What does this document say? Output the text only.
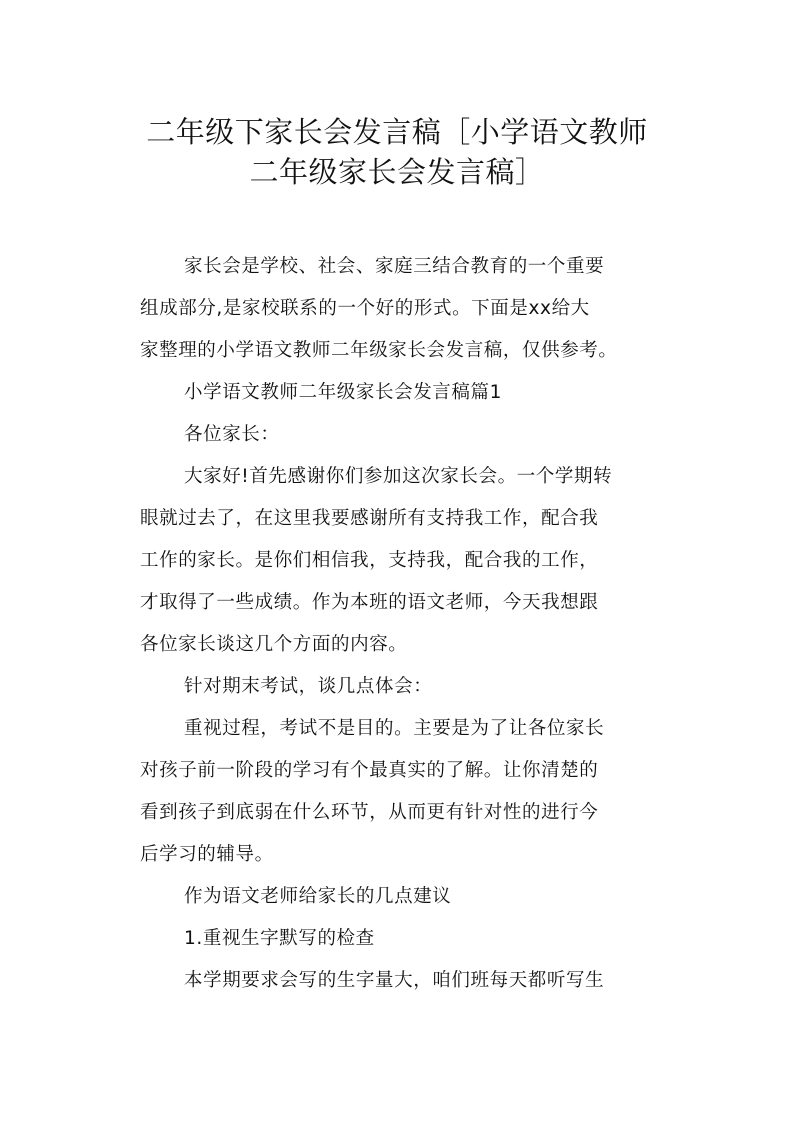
二年级下家长会发言稿［小学语文教师
二年级家长会发言稿］
家长会是学校、社会、家庭三结合教育的一个重要
组成部分,是家校联系的一个好的形式。下面是xx给大
家整理的小学语文教师二年级家长会发言稿，仅供参考。
小学语文教师二年级家长会发言稿篇1
各位家长：
大家好!首先感谢你们参加这次家长会。一个学期转
眼就过去了，在这里我要感谢所有支持我工作，配合我
工作的家长。是你们相信我，支持我，配合我的工作，
才取得了一些成绩。作为本班的语文老师，今天我想跟
各位家长谈这几个方面的内容。
针对期末考试，谈几点体会：
重视过程，考试不是目的。主要是为了让各位家长
对孩子前一阶段的学习有个最真实的了解。让你清楚的
看到孩子到底弱在什么环节，从而更有针对性的进行今
后学习的辅导。
作为语文老师给家长的几点建议
1.重视生字默写的检查
本学期要求会写的生字量大，咱们班每天都听写生
